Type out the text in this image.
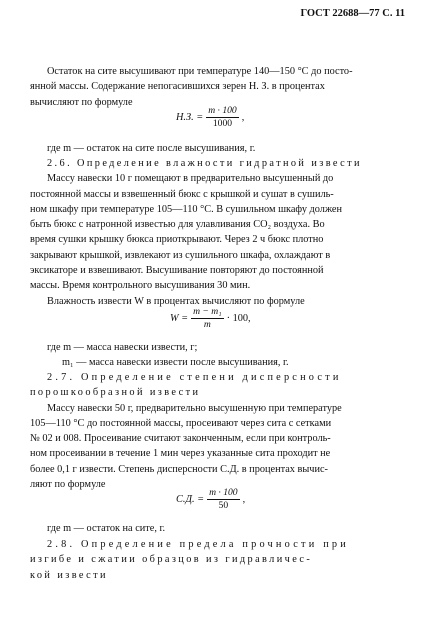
ГОСТ 22688—77 С. 11
Остаток на сите высушивают при температуре 140—150 °С до посто-
янной массы. Содержание непогасившихся зерен Н. З. в процентах
вычисляют по формуле
Н.З. = $\frac{m \cdot 100}{1000}$ ,
где m — остаток на сите после высушивания, г.
2.6. Определение влажности гидратной извести
Массу навески 10 г помещают в предварительно высушенный до
постоянной массы и взвешенный бюкс с крышкой и сушат в сушиль-
ном шкафу при температуре 105—110 °С. В сушильном шкафу должен
быть бюкс с натронной известью для улавливания CO₂ воздуха. Во
время сушки крышку бюкса приоткрывают. Через 2 ч бюкс плотно
закрывают крышкой, извлекают из сушильного шкафа, охлаждают в
эксикаторе и взвешивают. Высушивание повторяют до постоянной
массы. Время контрольного высушивания 30 мин.
Влажность извести W в процентах вычисляют по формуле
$W = \frac{\text{m − m₁}}{m} \cdot 100$,
где m — масса навески извести, г;
m₁ — масса навески извести после высушивания, г.
2.7. Определение степени дисперсности
порошкообразной извести
Массу навески 50 г, предварительно высушенную при температуре
105—110 °С до постоянной массы, просеивают через сита с сетками
№ 02 и 008. Просеивание считают законченным, если при контроль-
ном просеивании в течение 1 мин через указанные сита проходит не
более 0,1 г извести. Степень дисперсности С.Д. в процентах вычис-
ляют по формуле
С.Д. = $\frac{m \cdot 100}{50}$ ,
где m — остаток на сите, г.
2.8. Определение предела прочности при
изгибе и сжатии образцов из гидравличес-
кой извести
